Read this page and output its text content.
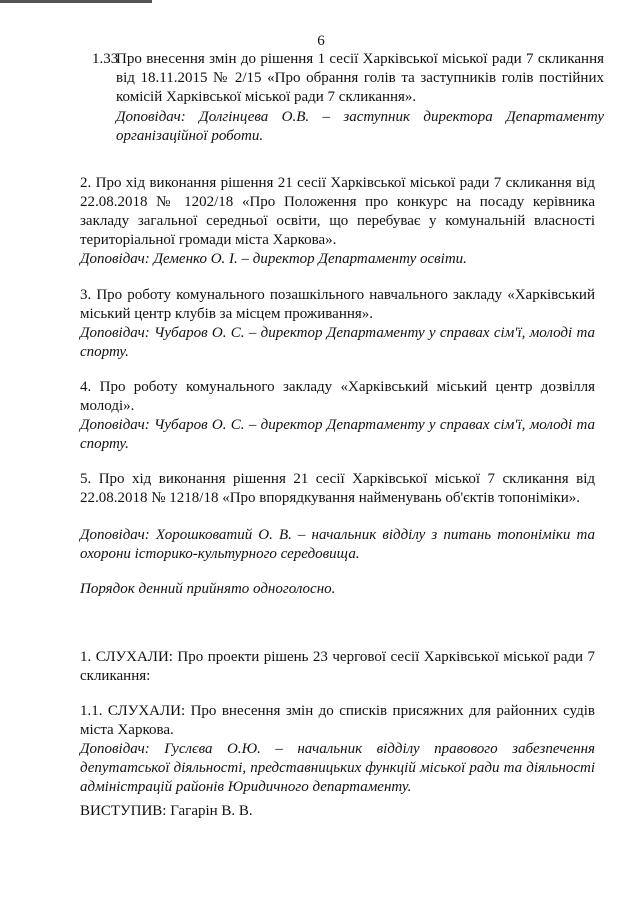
6
1.33
Про внесення змін до рішення 1 сесії Харківської міської ради 7 скликання від 18.11.2015 № 2/15 «Про обрання голів та заступників голів постійних комісій Харківської міської ради 7 скликання».
Доповідач: Долгінцева О.В. – заступник директора Департаменту організаційної роботи.
2. Про хід виконання рішення 21 сесії Харківської міської ради 7 скликання від 22.08.2018 № 1202/18 «Про Положення про конкурс на посаду керівника закладу загальної середньої освіти, що перебуває у комунальній власності територіальної громади міста Харкова».
Доповідач: Деменко О. І. – директор Департаменту освіти.
3. Про роботу комунального позашкільного навчального закладу «Харківський міський центр клубів за місцем проживання».
Доповідач: Чубаров О. С. – директор Департаменту у справах сім'ї, молоді та спорту.
4. Про роботу комунального закладу «Харківський міський центр дозвілля молоді».
Доповідач: Чубаров О. С. – директор Департаменту у справах сім'ї, молоді та спорту.
5. Про хід виконання рішення 21 сесії Харківської міської 7 скликання від 22.08.2018 № 1218/18 «Про впорядкування найменувань об'єктів топоніміки».
Доповідач: Хорошковатий О. В. – начальник відділу з питань топоніміки та охорони історико-культурного середовища.
Порядок денний прийнято одноголосно.
1. СЛУХАЛИ: Про проекти рішень 23 чергової сесії Харківської міської ради 7 скликання:
1.1. СЛУХАЛИ: Про внесення змін до списків присяжних для районних судів міста Харкова.
Доповідач: Гуслєва О.Ю. – начальник відділу правового забезпечення депутатської діяльності, представницьких функцій міської ради та діяльності адміністрацій районів Юридичного департаменту.
ВИСТУПИВ: Гагарін В. В.
